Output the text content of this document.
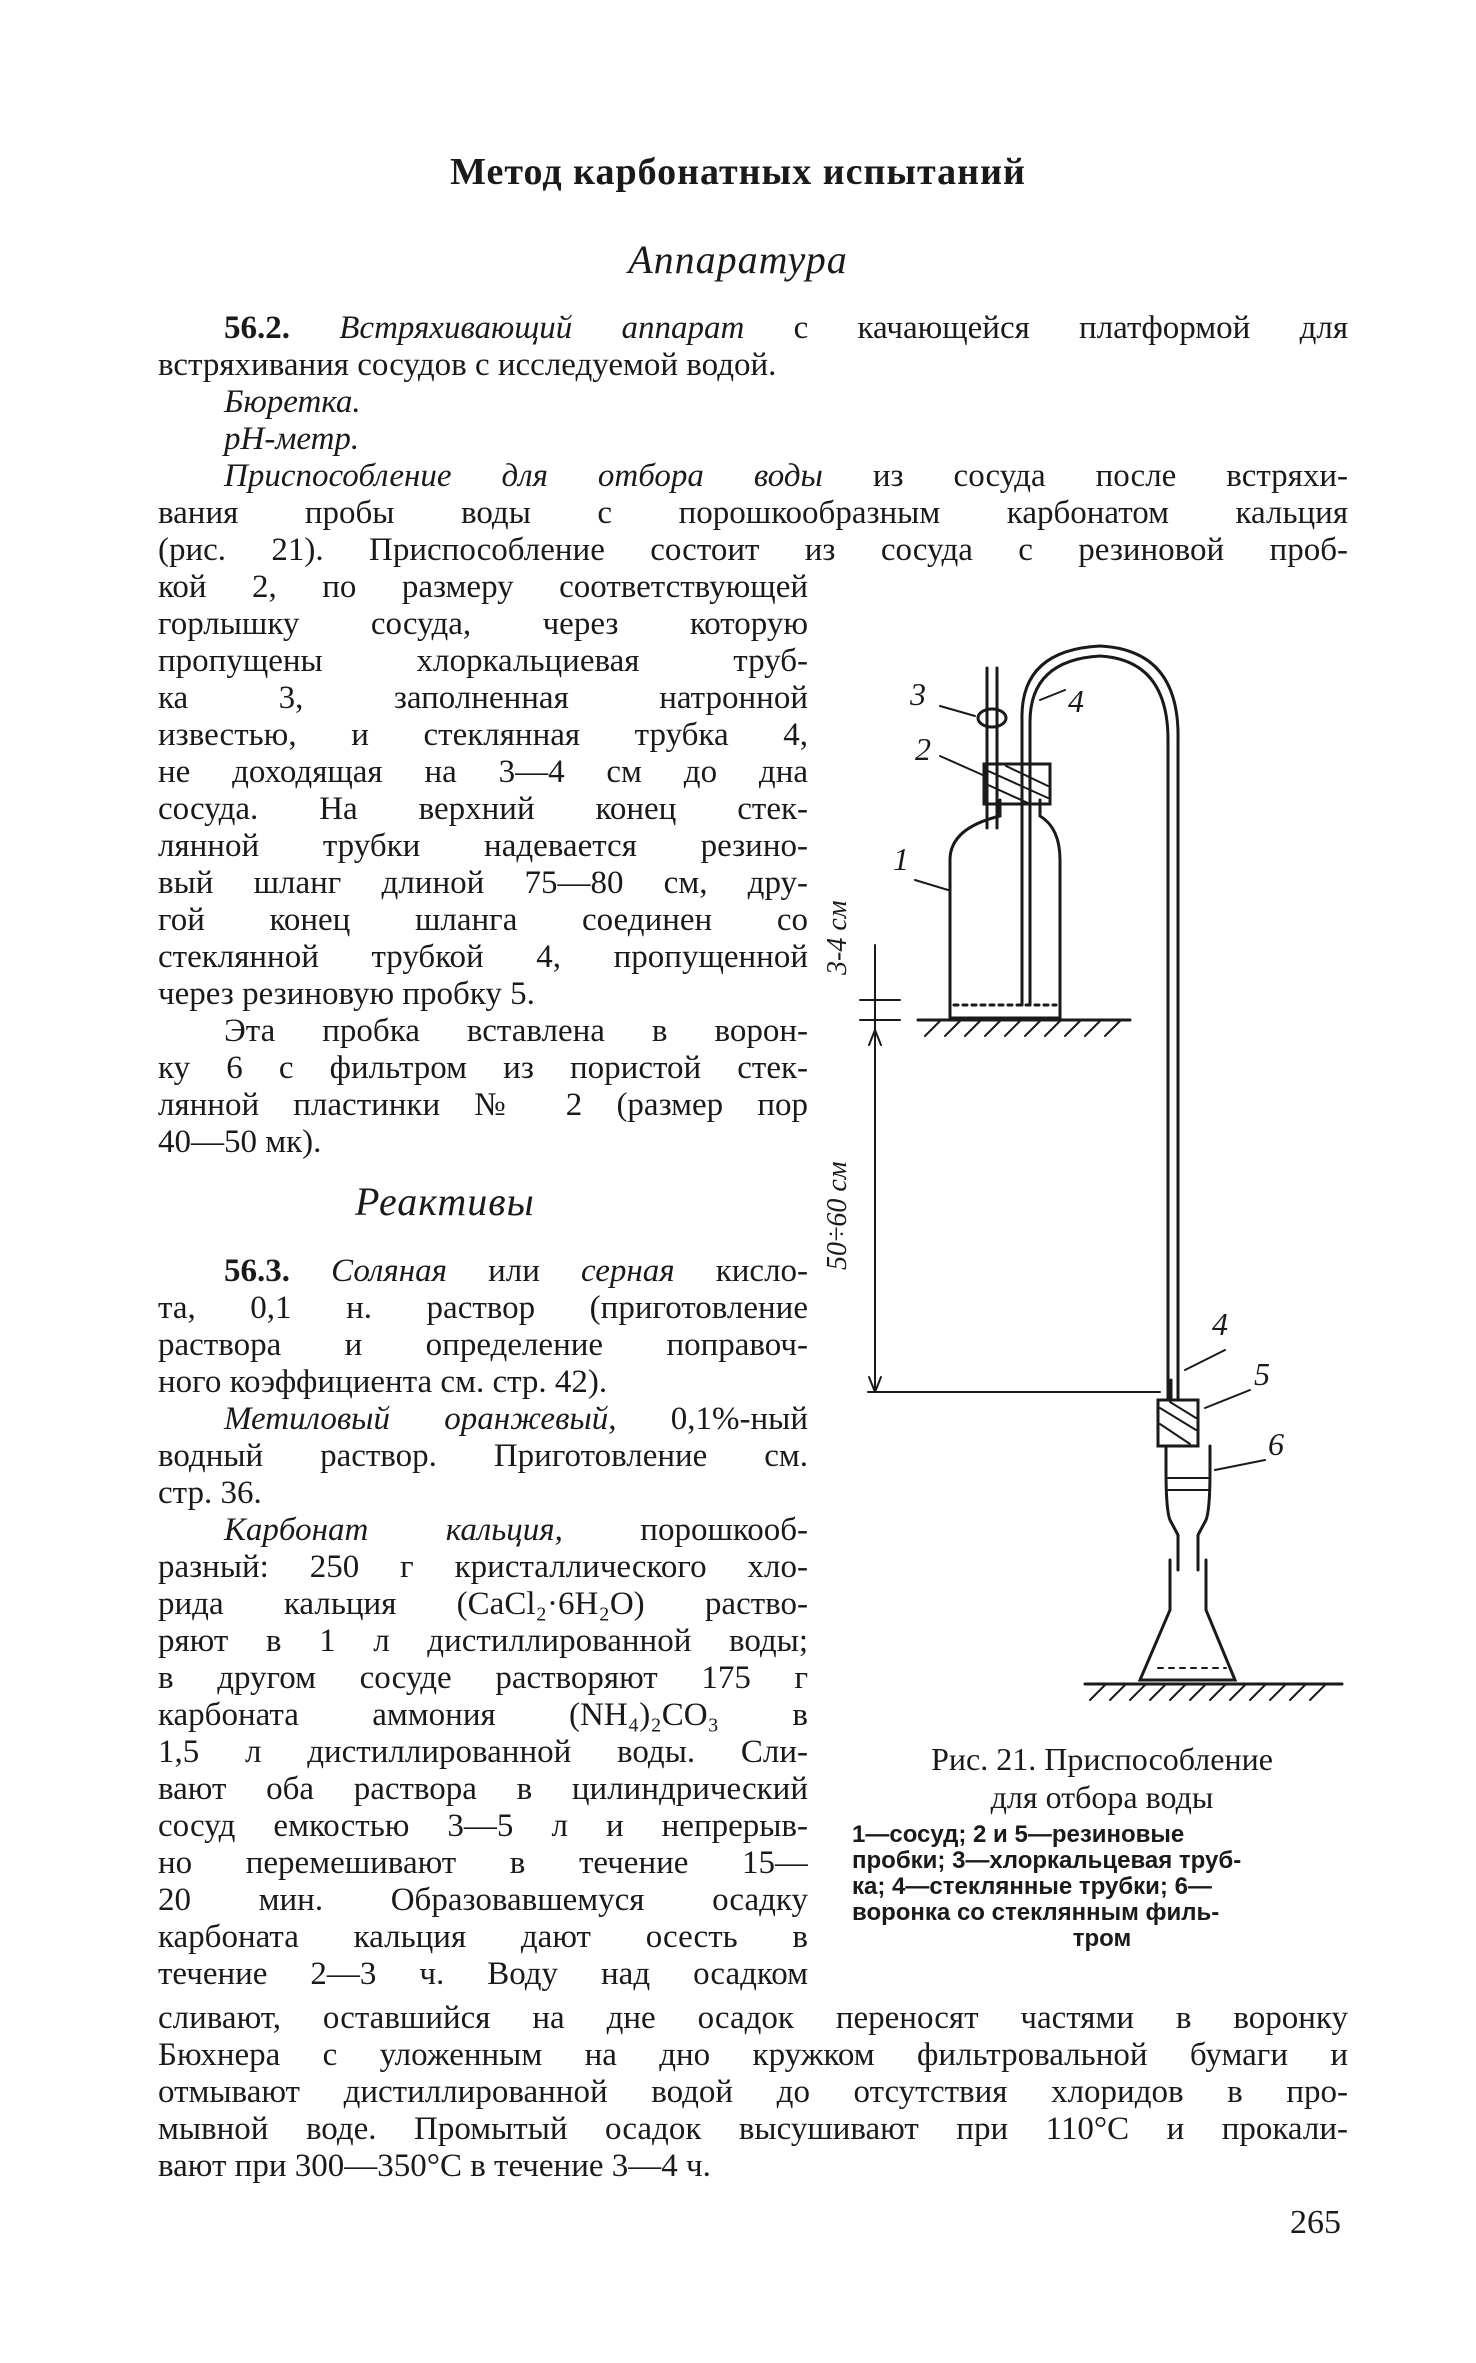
Метод карбонатных испытаний
Аппаратура
56.2. Встряхивающий аппарат с качающейся платформой для
встряхивания сосудов с исследуемой водой.
Бюретка.
pH-метр.
Приспособление для отбора воды из сосуда после встряхи-
вания пробы воды с порошкообразным карбонатом кальция
(рис. 21). Приспособление состоит из сосуда с резиновой проб-
кой 2, по размеру соответствующей
горлышку сосуда, через которую
пропущены хлоркальциевая труб-
ка 3, заполненная натронной
известью, и стеклянная трубка 4,
не доходящая на 3—4 см до дна
сосуда. На верхний конец стек-
лянной трубки надевается резино-
вый шланг длиной 75—80 см, дру-
гой конец шланга соединен со
стеклянной трубкой 4, пропущенной
через резиновую пробку 5.
Эта пробка вставлена в ворон-
ку 6 с фильтром из пористой стек-
лянной пластинки № 2 (размер пор
40—50 мк).
Реактивы
56.3. Соляная или серная кисло-
та, 0,1 н. раствор (приготовление
раствора и определение поправоч-
ного коэффициента см. стр. 42).
Метиловый оранжевый, 0,1%-ный
водный раствор. Приготовление см.
стр. 36.
Карбонат кальция, порошкооб-
разный: 250 г кристаллического хло-
рида кальция (CaCl₂·6H₂O) раство-
ряют в 1 л дистиллированной воды;
в другом сосуде растворяют 175 г
карбоната аммония (NH₄)₂CO₃ в
1,5 л дистиллированной воды. Сли-
вают оба раствора в цилиндрический
сосуд емкостью 3—5 л и непрерыв-
но перемешивают в течение 15—
20 мин. Образовавшемуся осадку
карбоната кальция дают осесть в
течение 2—3 ч. Воду над осадком
сливают, оставшийся на дне осадок переносят частями в воронку
Бюхнера с уложенным на дно кружком фильтровальной бумаги и
отмывают дистиллированной водой до отсутствия хлоридов в про-
мывной воде. Промытый осадок высушивают при 110°С и прокали-
вают при 300—350°С в течение 3—4 ч.
3
2
1
4
4
5
6
3-4 см
50÷60 см
Рис. 21. Приспособление
для отбора воды
1—сосуд; 2 и 5—резиновые
пробки; 3—хлоркальцевая труб-
ка; 4—стеклянные трубки; 6—
воронка со стеклянным филь-
тром
265
